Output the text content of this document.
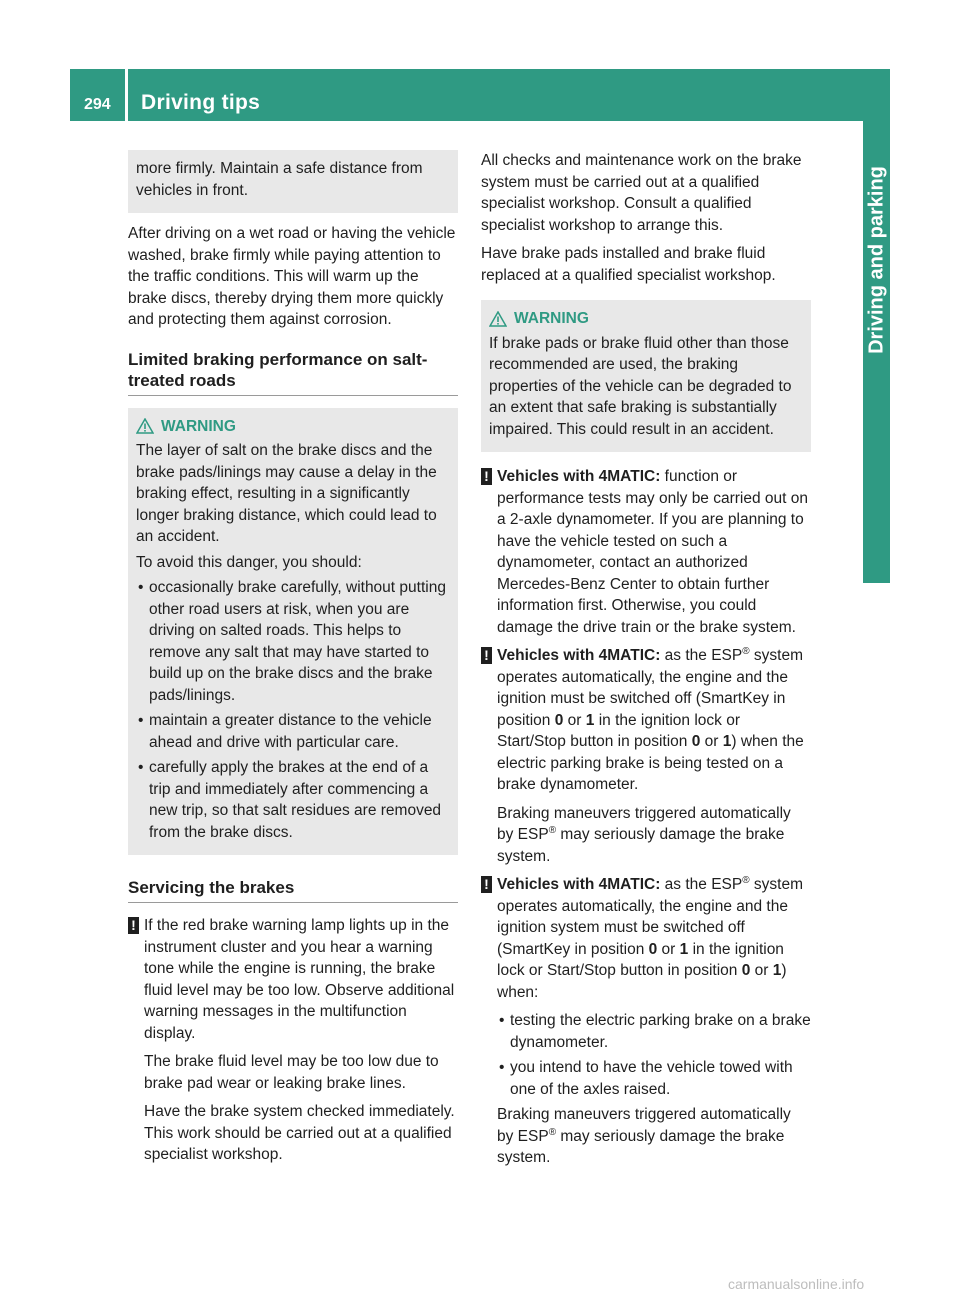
294 Driving tips
Driving and parking

more firmly. Maintain a safe distance from vehicles in front.

After driving on a wet road or having the vehicle washed, brake firmly while paying attention to the traffic conditions. This will warm up the brake discs, thereby drying them more quickly and protecting them against corrosion.

Limited braking performance on salt-treated roads
WARNING

The layer of salt on the brake discs and the brake pads/linings may cause a delay in the braking effect, resulting in a significantly longer braking distance, which could lead to an accident.

To avoid this danger, you should:

• occasionally brake carefully, without putting other road users at risk, when you are driving on salted roads. This helps to remove any salt that may have started to build up on the brake discs and the brake pads/linings.
• maintain a greater distance to the vehicle ahead and drive with particular care.
• carefully apply the brakes at the end of a trip and immediately after commencing a new trip, so that salt residues are removed from the brake discs.
Servicing the brakes
! If the red brake warning lamp lights up in the instrument cluster and you hear a warning tone while the engine is running, the brake fluid level may be too low. Observe additional warning messages in the multifunction display.

The brake fluid level may be too low due to brake pad wear or leaking brake lines.

Have the brake system checked immediately. This work should be carried out at a qualified specialist workshop.

All checks and maintenance work on the brake system must be carried out at a qualified specialist workshop. Consult a qualified specialist workshop to arrange this.

Have brake pads installed and brake fluid replaced at a qualified specialist workshop.

WARNING

If brake pads or brake fluid other than those recommended are used, the braking properties of the vehicle can be degraded to an extent that safe braking is substantially impaired. This could result in an accident.

! Vehicles with 4MATIC: function or performance tests may only be carried out on a 2-axle dynamometer. If you are planning to have the vehicle tested on such a dynamometer, contact an authorized Mercedes-Benz Center to obtain further information first. Otherwise, you could damage the drive train or the brake system.

! Vehicles with 4MATIC: as the ESP® system operates automatically, the engine and the ignition must be switched off (SmartKey in position 0 or 1 in the ignition lock or Start/Stop button in position 0 or 1) when the electric parking brake is being tested on a brake dynamometer.

Braking maneuvers triggered automatically by ESP® may seriously damage the brake system.

! Vehicles with 4MATIC: as the ESP® system operates automatically, the engine and the ignition system must be switched off (SmartKey in position 0 or 1 in the ignition lock or Start/Stop button in position 0 or 1) when:

• testing the electric parking brake on a brake dynamometer.
• you intend to have the vehicle towed with one of the axles raised.

Braking maneuvers triggered automatically by ESP® may seriously damage the brake system.

carmanualsonline.info
